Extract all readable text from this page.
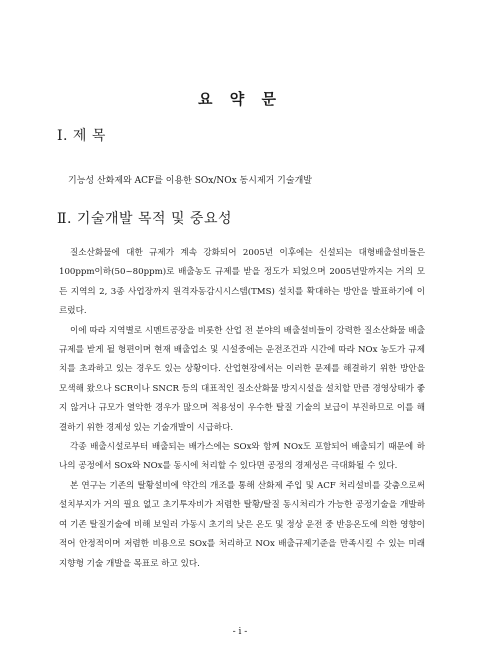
요 약 문
I. 제 목
기능성 산화제와 ACF를 이용한 SOx/NOx 동시제거 기술개발
Ⅱ. 기술개발 목적 및 중요성

질소산화물에 대한 규제가 계속 강화되어 2005년 이후에는 신설되는 대형배출설비들은 100ppm이하(50~80ppm)로 배출농도 규제를 받을 정도가 되었으며 2005년말까지는 거의 모든 지역의 2, 3종 사업장까지 원격자동감시시스템(TMS) 설치를 확대하는 방안을 발표하기에 이르렀다.

이에 따라 지역별로 시멘트공장을 비롯한 산업 전 분야의 배출설비들이 강력한 질소산화물 배출 규제를 받게 될 형편이며 현재 배출업소 및 시설중에는 운전조건과 시간에 따라 NOx 농도가 규제치를 초과하고 있는 경우도 있는 상황이다. 산업현장에서는 이러한 문제를 해결하기 위한 방안을 모색해 왔으나 SCR이나 SNCR 등의 대표적인 질소산화물 방지시설을 설치할 만큼 경영상태가 좋지 않거나 규모가 열악한 경우가 많으며 적용성이 우수한 탈질 기술의 보급이 부진하므로 이를 해결하기 위한 경제성 있는 기술개발이 시급하다.

각종 배출시설로부터 배출되는 배가스에는 SOx와 함께 NOx도 포함되어 배출되기 때문에 하나의 공정에서 SOx와 NOx를 동시에 처리할 수 있다면 공정의 경제성은 극대화될 수 있다.

본 연구는 기존의 탈황설비에 약간의 개조를 통해 산화제 주입 및 ACF 처리설비를 갖춤으로써 설치부지가 거의 필요 없고 초기투자비가 저렴한 탈황/탈질 동시처리가 가능한 공정기술을 개발하여 기존 탈질기술에 비해 보일러 가동시 초기의 낮은 온도 및 정상 운전 중 반응온도에 의한 영향이 적어 안정적이며 저렴한 비용으로 SOx를 처리하고 NOx 배출규제기준을 만족시킬 수 있는 미래 지향형 기술 개발을 목표로 하고 있다.

- i -
